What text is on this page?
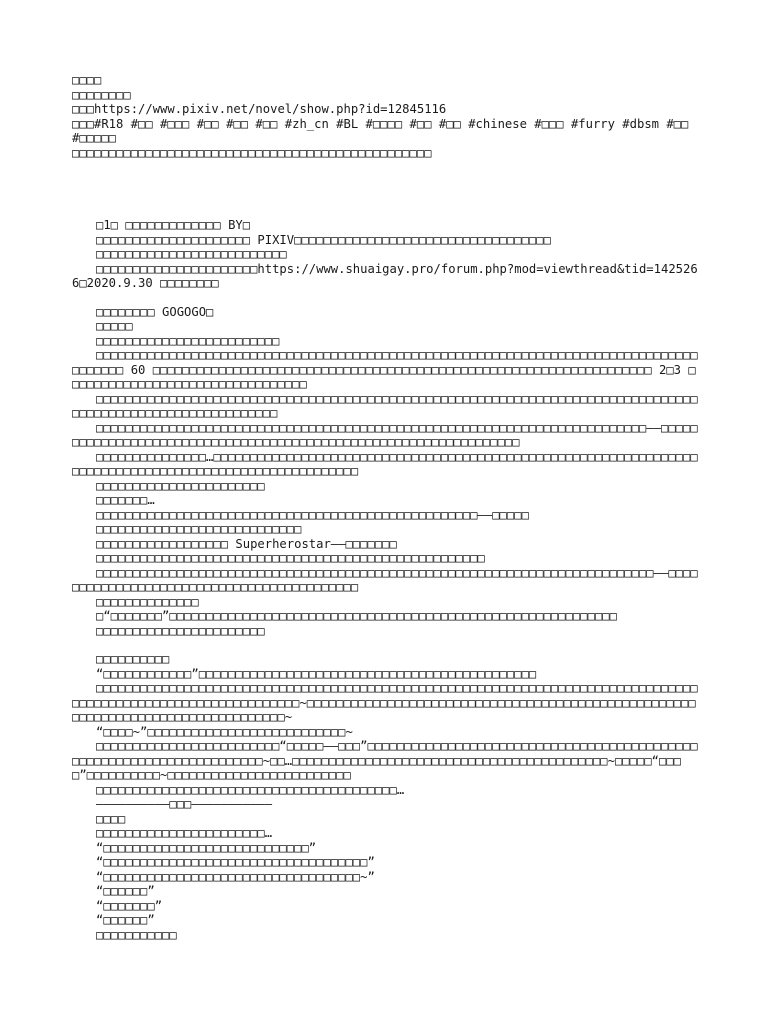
□□□□

□□□□□□□□

□□□https://www.pixiv.net/novel/show.php?id=12845116

□□□#R18 #□□ #□□□ #□□ #□□ #□□ #zh_cn #BL #□□□□ #□□ #□□ #chinese #□□□ #furry #dbsm #□□ #□□□□□

□□□□□□□□□□□□□□□□□□□□□□□□□□□□□□□□□□□□□□□□□□□□□□□□□

□1□ □□□□□□□□□□□□□ BY□

□□□□□□□□□□□□□□□□□□□□□ PIXIV□□□□□□□□□□□□□□□□□□□□□□□□□□□□□□□□□□□

□□□□□□□□□□□□□□□□□□□□□□□□□□

□□□□□□□□□□□□□□□□□□□□□□https://www.shuaigay.pro/forum.php?mod=viewthread&tid=1425266□2020.9.30 □□□□□□□□

□□□□□□□□ GOGOGO□

□□□□□

□□□□□□□□□□□□□□□□□□□□□□□□□

□□□□□□□□□□□□□□□□□□□□□□□□□□□□□□□□□□□□□□□□□□□□□□□□□□□□□□□□□□□□□□□□□□□□□□□□□□□□□□□□□□□□□□□□□ 60 □□□□□□□□□□□□□□□□□□□□□□□□□□□□□□□□□□□□□□□□□□□□□□□□□□□□□□□□□□□□□□□□□□□□ 2□3 □□□□□□□□□□□□□□□□□□□□□□□□□□□□□□□□□

□□□□□□□□□□□□□□□□□□□□□□□□□□□□□□□□□□□□□□□□□□□□□□□□□□□□□□□□□□□□□□□□□□□□□□□□□□□□□□□□□□□□□□□□□□□□□□□□□□□□□□□□□□□□□□

□□□□□□□□□□□□□□□□□□□□□□□□□□□□□□□□□□□□□□□□□□□□□□□□□□□□□□□□□□□□□□□□□□□□□□□□□□□——□□□□□□□□□□□□□□□□□□□□□□□□□□□□□□□□□□□□□□□□□□□□□□□□□□□□□□□□□□□□□□□□□□

□□□□□□□□□□□□□□□…□□□□□□□□□□□□□□□□□□□□□□□□□□□□□□□□□□□□□□□□□□□□□□□□□□□□□□□□□□□□□□□□□□□□□□□□□□□□□□□□□□□□□□□□□□□□□□□□□□□□□□□□□

□□□□□□□□□□□□□□□□□□□□□□□

□□□□□□□…

□□□□□□□□□□□□□□□□□□□□□□□□□□□□□□□□□□□□□□□□□□□□□□□□□□□□——□□□□□

□□□□□□□□□□□□□□□□□□□□□□□□□□□□

□□□□□□□□□□□□□□□□□□ Superherostar——□□□□□□□

□□□□□□□□□□□□□□□□□□□□□□□□□□□□□□□□□□□□□□□□□□□□□□□□□□□□□

□□□□□□□□□□□□□□□□□□□□□□□□□□□□□□□□□□□□□□□□□□□□□□□□□□□□□□□□□□□□□□□□□□□□□□□□□□□□——□□□□□□□□□□□□□□□□□□□□□□□□□□□□□□□□□□□□□□□□□□□

□□□□□□□□□□□□□□

□“□□□□□□□”□□□□□□□□□□□□□□□□□□□□□□□□□□□□□□□□□□□□□□□□□□□□□□□□□□□□□□□□□□□□□

□□□□□□□□□□□□□□□□□□□□□□□

□□□□□□□□□□

“□□□□□□□□□□□□”□□□□□□□□□□□□□□□□□□□□□□□□□□□□□□□□□□□□□□□□□□□□□□

□□□□□□□□□□□□□□□□□□□□□□□□□□□□□□□□□□□□□□□□□□□□□□□□□□□□□□□□□□□□□□□□□□□□□□□□□□□□□□□□□□□□□□□□□□□□□□□□□□□□□□□□□□□□□□□□□~□□□□□□□□□□□□□□□□□□□□□□□□□□□□□□□□□□□□□□□□□□□□□□□□□□□□□□□□□□□□□□□□□□□□□□□□□□□□□□□□□□~

“□□□□~”□□□□□□□□□□□□□□□□□□□□□□□□□□□~

□□□□□□□□□□□□□□□□□□□□□□□□□“□□□□□——□□□”□□□□□□□□□□□□□□□□□□□□□□□□□□□□□□□□□□□□□□□□□□□□□□□□□□□□□□□□□□□□□□□□□□□□□□□~□□…□□□□□□□□□□□□□□□□□□□□□□□□□□□□□□□□□□□□□□□□□□□~□□□□□“□□□□”□□□□□□□□□□~□□□□□□□□□□□□□□□□□□□□□□□□□

□□□□□□□□□□□□□□□□□□□□□□□□□□□□□□□□□□□□□□□□□…

——————————□□□———————————

□□□□

□□□□□□□□□□□□□□□□□□□□□□□…

“□□□□□□□□□□□□□□□□□□□□□□□□□□□□”

“□□□□□□□□□□□□□□□□□□□□□□□□□□□□□□□□□□□□”

“□□□□□□□□□□□□□□□□□□□□□□□□□□□□□□□□□□□~”

“□□□□□□”

“□□□□□□□”

“□□□□□□”

□□□□□□□□□□□
